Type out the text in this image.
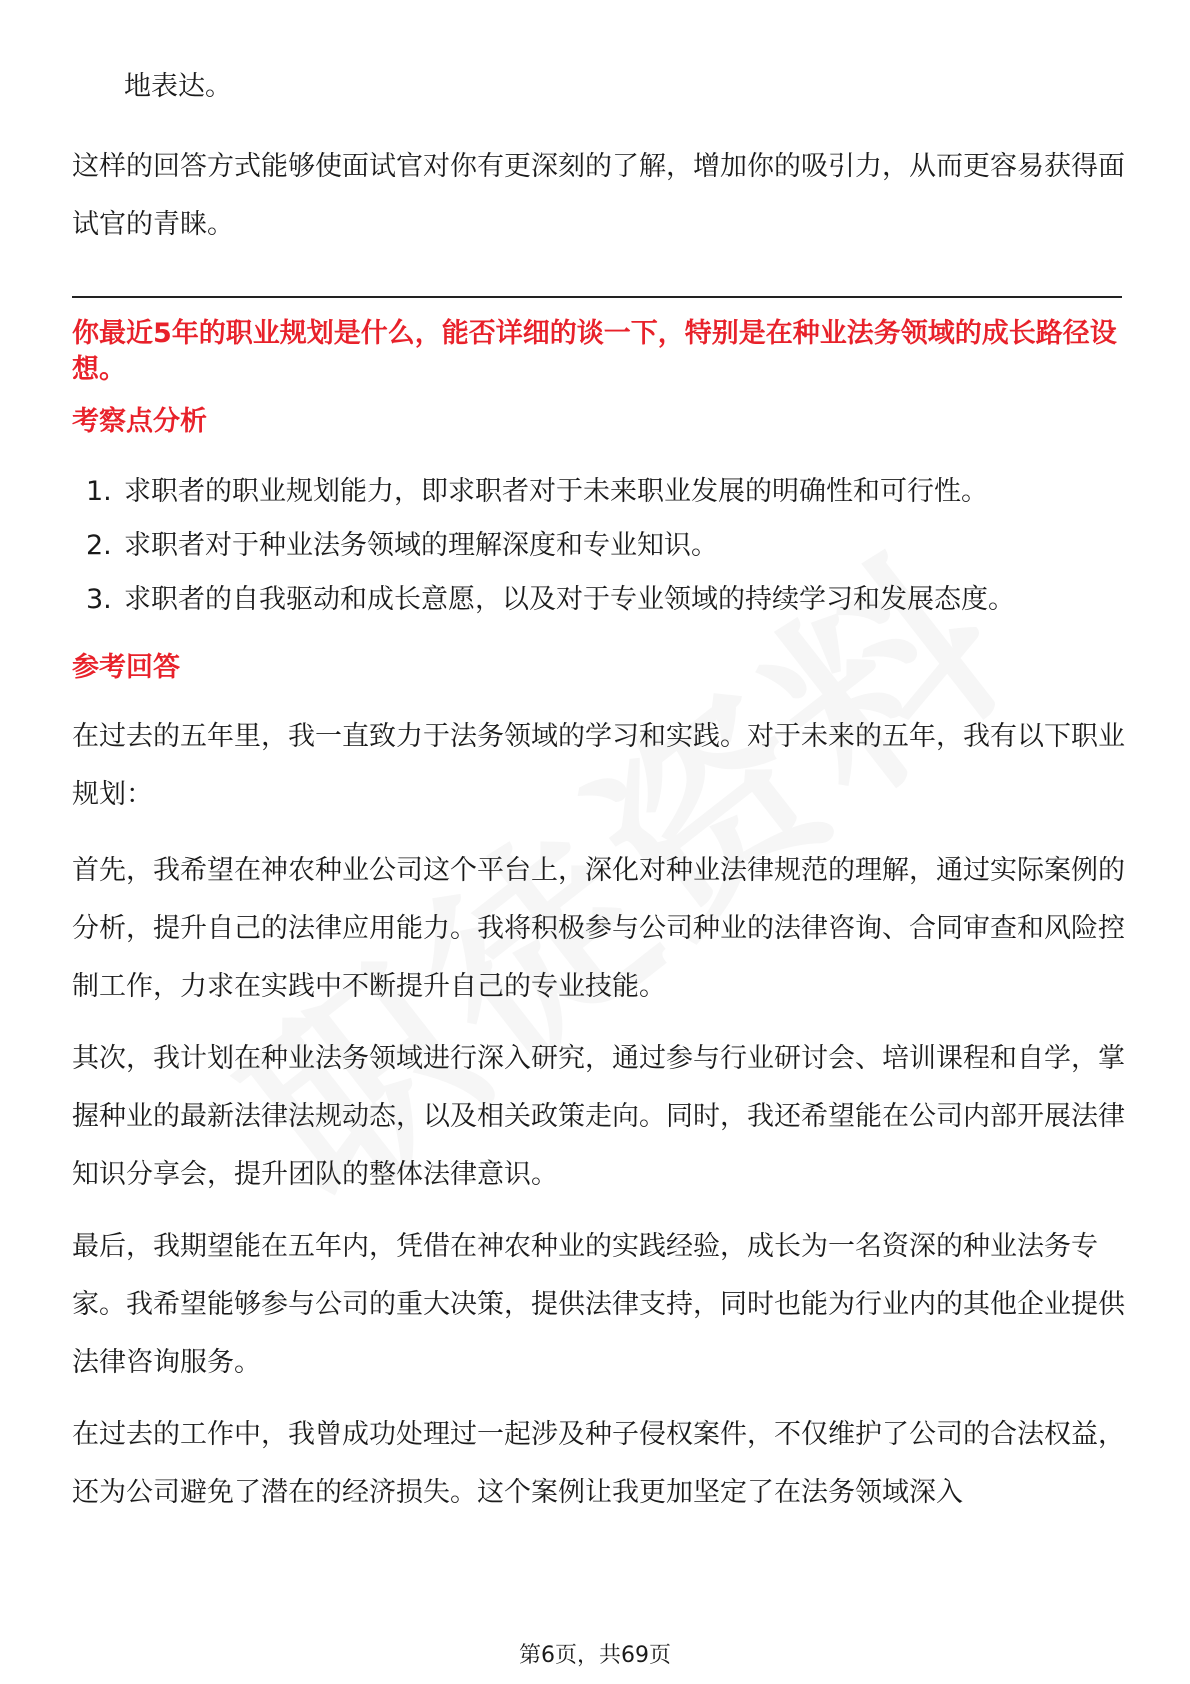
地表达。

这样的回答方式能够使面试官对你有更深刻的了解，增加你的吸引力，从而更容易获得面试官的青睐。

你最近5年的职业规划是什么，能否详细的谈一下，特别是在种业法务领域的成长路径设想。

考察点分析

1. 求职者的职业规划能力，即求职者对于未来职业发展的明确性和可行性。

2. 求职者对于种业法务领域的理解深度和专业知识。

3. 求职者的自我驱动和成长意愿，以及对于专业领域的持续学习和发展态度。

参考回答

在过去的五年里，我一直致力于法务领域的学习和实践。对于未来的五年，我有以下职业规划：

首先，我希望在神农种业公司这个平台上，深化对种业法律规范的理解，通过实际案例的分析，提升自己的法律应用能力。我将积极参与公司种业的法律咨询、合同审查和风险控制工作，力求在实践中不断提升自己的专业技能。

其次，我计划在种业法务领域进行深入研究，通过参与行业研讨会、培训课程和自学，掌握种业的最新法律法规动态，以及相关政策走向。同时，我还希望能在公司内部开展法律知识分享会，提升团队的整体法律意识。

最后，我期望能在五年内，凭借在神农种业的实践经验，成长为一名资深的种业法务专家。我希望能够参与公司的重大决策，提供法律支持，同时也能为行业内的其他企业提供法律咨询服务。

在过去的工作中，我曾成功处理过一起涉及种子侵权案件，不仅维护了公司的合法权益，还为公司避免了潜在的经济损失。这个案例让我更加坚定了在法务领域深入

第6页，共69页
